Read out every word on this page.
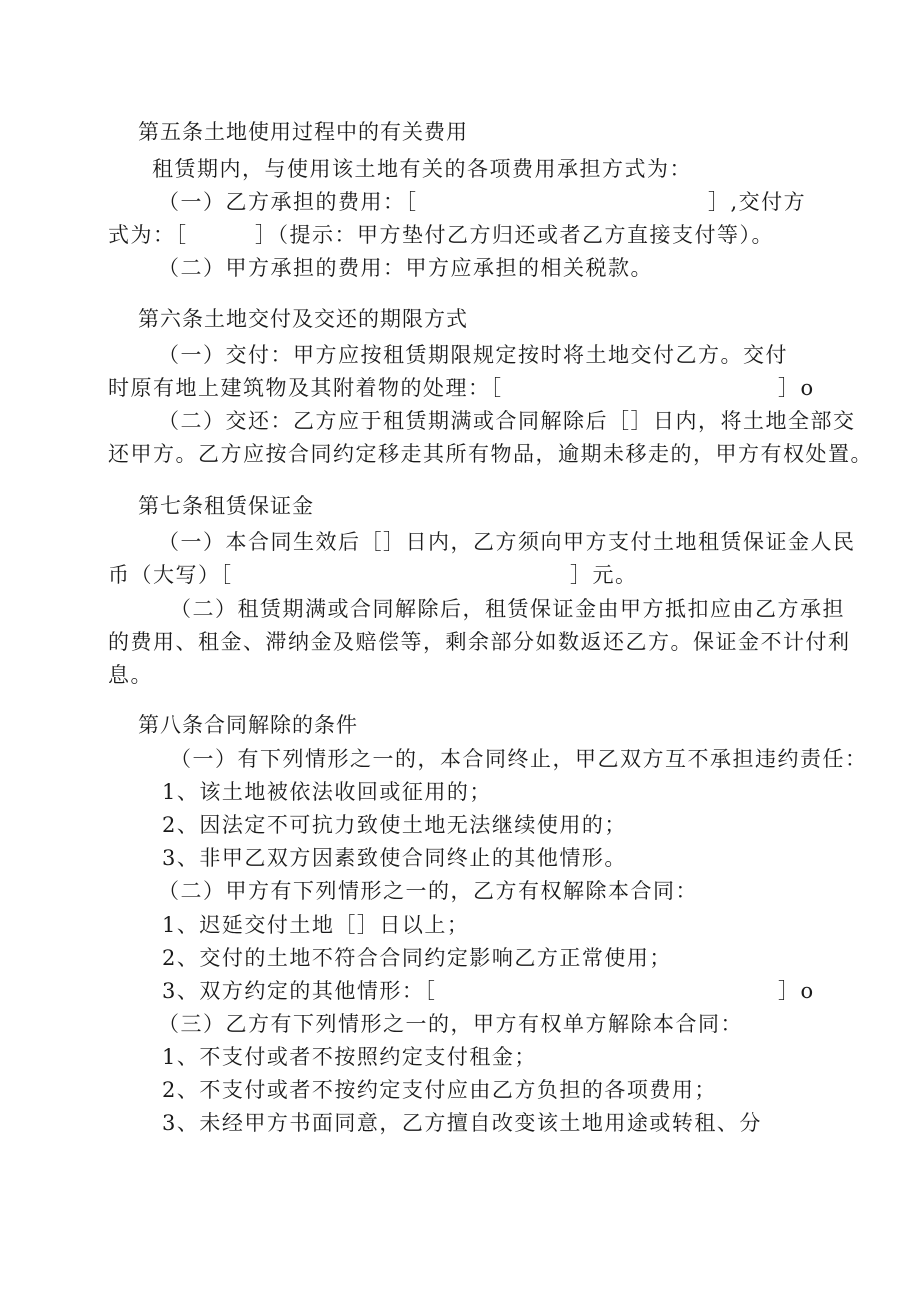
第五条土地使用过程中的有关费用
租赁期内，与使用该土地有关的各项费用承担方式为：
（一）乙方承担的费用：［	］,交付方
式为：［　　　］（提示：甲方垫付乙方归还或者乙方直接支付等）。
（二）甲方承担的费用：甲方应承担的相关税款。
第六条土地交付及交还的期限方式
（一）交付：甲方应按租赁期限规定按时将土地交付乙方。交付
时原有地上建筑物及其附着物的处理：［	］o
（二）交还：乙方应于租赁期满或合同解除后［］日内，将土地全部交
还甲方。乙方应按合同约定移走其所有物品，逾期未移走的，甲方有权处置。
第七条租赁保证金
（一）本合同生效后［］日内，乙方须向甲方支付土地租赁保证金人民
币（大写）［	］元。
（二）租赁期满或合同解除后，租赁保证金由甲方抵扣应由乙方承担
的费用、租金、滞纳金及赔偿等，剩余部分如数返还乙方。保证金不计付利
息。
第八条合同解除的条件
（一）有下列情形之一的，本合同终止，甲乙双方互不承担违约责任：
1、该土地被依法收回或征用的；
2、因法定不可抗力致使土地无法继续使用的；
3、非甲乙双方因素致使合同终止的其他情形。
（二）甲方有下列情形之一的，乙方有权解除本合同：
1、迟延交付土地［］日以上；
2、交付的土地不符合合同约定影响乙方正常使用；
3、双方约定的其他情形：［	］o
（三）乙方有下列情形之一的，甲方有权单方解除本合同：
1、不支付或者不按照约定支付租金；
2、不支付或者不按约定支付应由乙方负担的各项费用；
3、未经甲方书面同意，乙方擅自改变该土地用途或转租、分
